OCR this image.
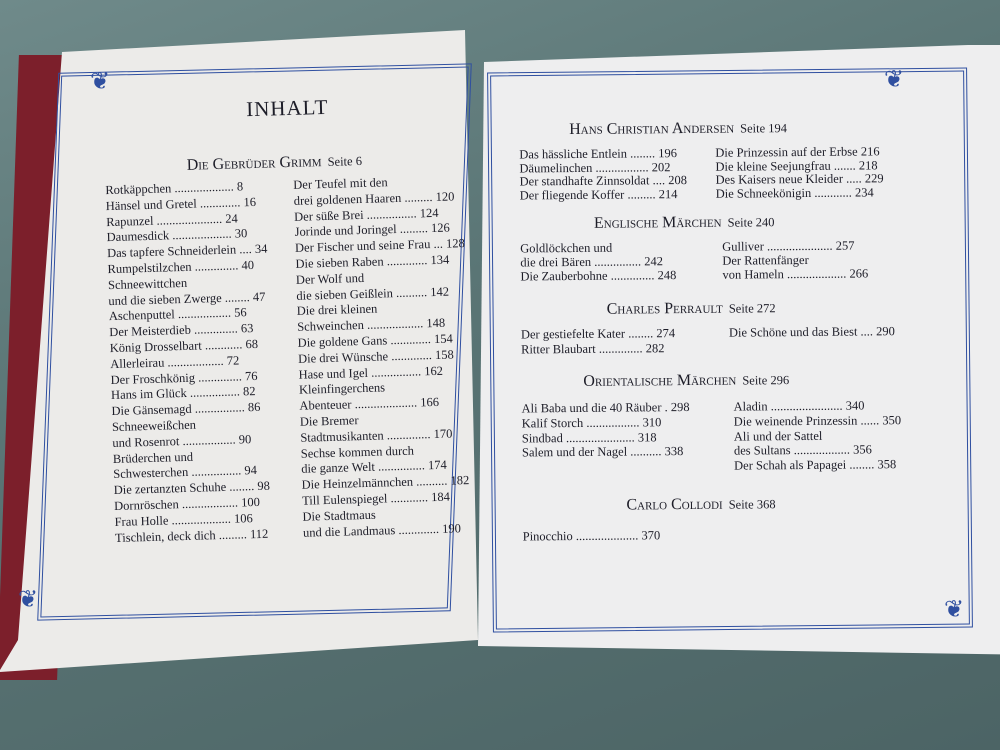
❦
❦
❦
❦
INHALT
Die Gebrüder Grimm Seite 6
Rotkäppchen ................... 8
Hänsel und Gretel ............. 16
Rapunzel ..................... 24
Daumesdick ................... 30
Das tapfere Schneiderlein .... 34
Rumpelstilzchen .............. 40
Schneewittchen
und die sieben Zwerge ........ 47
Aschenputtel ................. 56
Der Meisterdieb .............. 63
König Drosselbart ............ 68
Allerleirau .................. 72
Der Froschkönig .............. 76
Hans im Glück ................ 82
Die Gänsemagd ................ 86
Schneeweißchen
und Rosenrot ................. 90
Brüderchen und
Schwesterchen ................ 94
Die zertanzten Schuhe ........ 98
Dornröschen .................. 100
Frau Holle ................... 106
Tischlein, deck dich ......... 112
Der Teufel mit den
drei goldenen Haaren ......... 120
Der süße Brei ................ 124
Jorinde und Joringel ......... 126
Der Fischer und seine Frau ... 128
Die sieben Raben ............. 134
Der Wolf und
die sieben Geißlein .......... 142
Die drei kleinen
Schweinchen .................. 148
Die goldene Gans ............. 154
Die drei Wünsche ............. 158
Hase und Igel ................ 162
Kleinfingerchens
Abenteuer .................... 166
Die Bremer
Stadtmusikanten .............. 170
Sechse kommen durch
die ganze Welt ............... 174
Die Heinzelmännchen .......... 182
Till Eulenspiegel ............ 184
Die Stadtmaus
und die Landmaus ............. 190
Hans Christian Andersen Seite 194
Das hässliche Entlein ........ 196
Däumelinchen ................. 202
Der standhafte Zinnsoldat .... 208
Der fliegende Koffer ......... 214
Die Prinzessin auf der Erbse 216
Die kleine Seejungfrau ....... 218
Des Kaisers neue Kleider ..... 229
Die Schneekönigin ............ 234
Englische Märchen Seite 240
Goldlöckchen und
die drei Bären ............... 242
Die Zauberbohne .............. 248
Gulliver ..................... 257
Der Rattenfänger
von Hameln ................... 266
Charles Perrault Seite 272
Der gestiefelte Kater ........ 274
Ritter Blaubart .............. 282
Die Schöne und das Biest .... 290
Orientalische Märchen Seite 296
Ali Baba und die 40 Räuber . 298
Kalif Storch ................. 310
Sindbad ...................... 318
Salem und der Nagel .......... 338
Aladin ....................... 340
Die weinende Prinzessin ...... 350
Ali und der Sattel
des Sultans .................. 356
Der Schah als Papagei ........ 358
Carlo Collodi Seite 368
Pinocchio .................... 370
